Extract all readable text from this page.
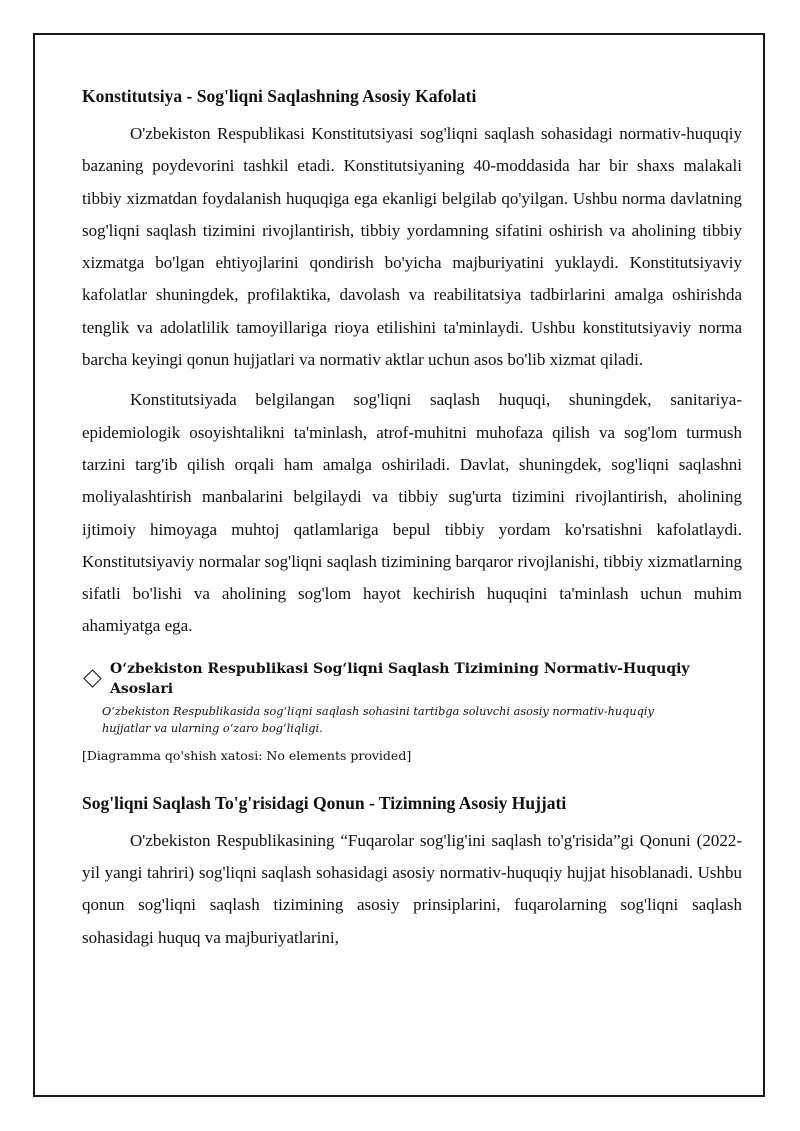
Konstitutsiya - Sog'liqni Saqlashning Asosiy Kafolati

O'zbekiston Respublikasi Konstitutsiyasi sog'liqni saqlash sohasidagi normativ-huquqiy bazaning poydevorini tashkil etadi. Konstitutsiyaning 40-moddasida har bir shaxs malakali tibbiy xizmatdan foydalanish huquqiga ega ekanligi belgilab qo'yilgan. Ushbu norma davlatning sog'liqni saqlash tizimini rivojlantirish, tibbiy yordamning sifatini oshirish va aholining tibbiy xizmatga bo'lgan ehtiyojlarini qondirish bo'yicha majburiyatini yuklaydi. Konstitutsiyaviy kafolatlar shuningdek, profilaktika, davolash va reabilitatsiya tadbirlarini amalga oshirishda tenglik va adolatlilik tamoyillariga rioya etilishini ta'minlaydi. Ushbu konstitutsiyaviy norma barcha keyingi qonun hujjatlari va normativ aktlar uchun asos bo'lib xizmat qiladi.

Konstitutsiyada belgilangan sog'liqni saqlash huquqi, shuningdek, sanitariya-epidemiologik osoyishtalikni ta'minlash, atrof-muhitni muhofaza qilish va sog'lom turmush tarzini targ'ib qilish orqali ham amalga oshiriladi. Davlat, shuningdek, sog'liqni saqlashni moliyalashtirish manbalarini belgilaydi va tibbiy sug'urta tizimini rivojlantirish, aholining ijtimoiy himoyaga muhtoj qatlamlariga bepul tibbiy yordam ko'rsatishni kafolatlaydi. Konstitutsiyaviy normalar sog'liqni saqlash tizimining barqaror rivojlanishi, tibbiy xizmatlarning sifatli bo'lishi va aholining sog'lom hayot kechirish huquqini ta'minlash uchun muhim ahamiyatga ega.

O‘zbekiston Respublikasi Sog‘liqni Saqlash Tizimining Normativ-Huquqiy Asoslari
O‘zbekiston Respublikasida sog‘liqni saqlash sohasini tartibga soluvchi asosiy normativ-huquqiy hujjatlar va ularning o‘zaro bog‘liqligi.
[Diagramma qo'shish xatosi: No elements provided]
Sog'liqni Saqlash To'g'risidagi Qonun - Tizimning Asosiy Hujjati

O'zbekiston Respublikasining “Fuqarolar sog'lig'ini saqlash to'g'risida”gi Qonuni (2022-yil yangi tahriri) sog'liqni saqlash sohasidagi asosiy normativ-huquqiy hujjat hisoblanadi. Ushbu qonun sog'liqni saqlash tizimining asosiy prinsiplarini, fuqarolarning sog'liqni saqlash sohasidagi huquq va majburiyatlarini,
